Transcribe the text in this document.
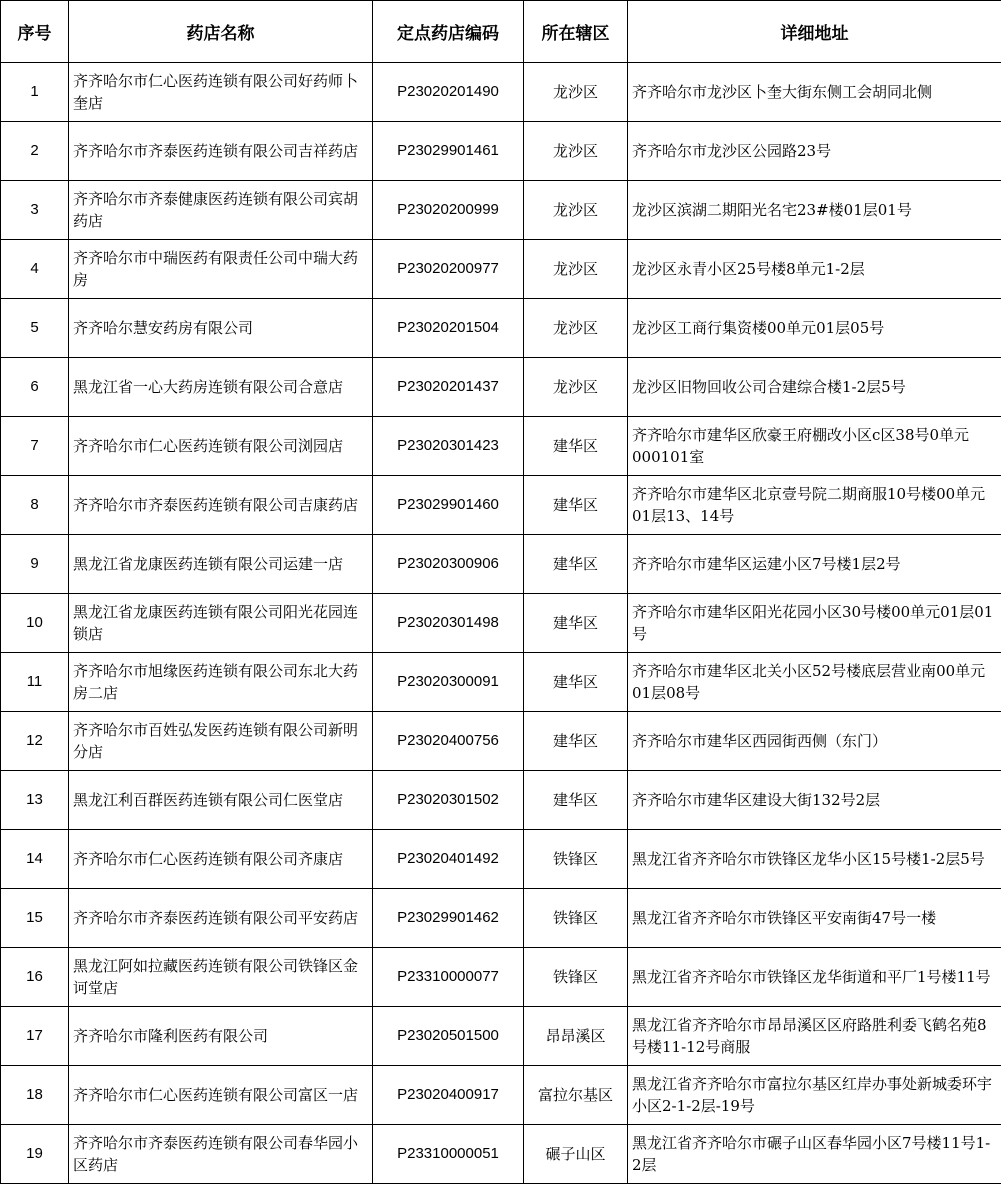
序号	药店名称	定点药店编码	所在辖区	详细地址
1	齐齐哈尔市仁心医药连锁有限公司好药师卜奎店	P23020201490	龙沙区	齐齐哈尔市龙沙区卜奎大街东侧工会胡同北侧
2	齐齐哈尔市齐泰医药连锁有限公司吉祥药店	P23029901461	龙沙区	齐齐哈尔市龙沙区公园路23号
3	齐齐哈尔市齐泰健康医药连锁有限公司宾胡药店	P23020200999	龙沙区	龙沙区滨湖二期阳光名宅23#楼01层01号
4	齐齐哈尔市中瑞医药有限责任公司中瑞大药房	P23020200977	龙沙区	龙沙区永青小区25号楼8单元1-2层
5	齐齐哈尔慧安药房有限公司	P23020201504	龙沙区	龙沙区工商行集资楼00单元01层05号
6	黑龙江省一心大药房连锁有限公司合意店	P23020201437	龙沙区	龙沙区旧物回收公司合建综合楼1-2层5号
7	齐齐哈尔市仁心医药连锁有限公司浏园店	P23020301423	建华区	齐齐哈尔市建华区欣豪王府棚改小区c区38号0单元000101室
8	齐齐哈尔市齐泰医药连锁有限公司吉康药店	P23029901460	建华区	齐齐哈尔市建华区北京壹号院二期商服10号楼00单元01层13、14号
9	黑龙江省龙康医药连锁有限公司运建一店	P23020300906	建华区	齐齐哈尔市建华区运建小区7号楼1层2号
10	黑龙江省龙康医药连锁有限公司阳光花园连锁店	P23020301498	建华区	齐齐哈尔市建华区阳光花园小区30号楼00单元01层01号
11	齐齐哈尔市旭缘医药连锁有限公司东北大药房二店	P23020300091	建华区	齐齐哈尔市建华区北关小区52号楼底层营业南00单元01层08号
12	齐齐哈尔市百姓弘发医药连锁有限公司新明分店	P23020400756	建华区	齐齐哈尔市建华区西园街西侧（东门）
13	黑龙江利百群医药连锁有限公司仁医堂店	P23020301502	建华区	齐齐哈尔市建华区建设大街132号2层
14	齐齐哈尔市仁心医药连锁有限公司齐康店	P23020401492	铁锋区	黑龙江省齐齐哈尔市铁锋区龙华小区15号楼1-2层5号
15	齐齐哈尔市齐泰医药连锁有限公司平安药店	P23029901462	铁锋区	黑龙江省齐齐哈尔市铁锋区平安南街47号一楼
16	黑龙江阿如拉藏医药连锁有限公司铁锋区金诃堂店	P23310000077	铁锋区	黑龙江省齐齐哈尔市铁锋区龙华街道和平厂1号楼11号
17	齐齐哈尔市隆利医药有限公司	P23020501500	昂昂溪区	黑龙江省齐齐哈尔市昂昂溪区区府路胜利委飞鹤名苑8号楼11-12号商服
18	齐齐哈尔市仁心医药连锁有限公司富区一店	P23020400917	富拉尔基区	黑龙江省齐齐哈尔市富拉尔基区红岸办事处新城委环宇小区2-1-2层-19号
19	齐齐哈尔市齐泰医药连锁有限公司春华园小区药店	P23310000051	碾子山区	黑龙江省齐齐哈尔市碾子山区春华园小区7号楼11号1-2层
